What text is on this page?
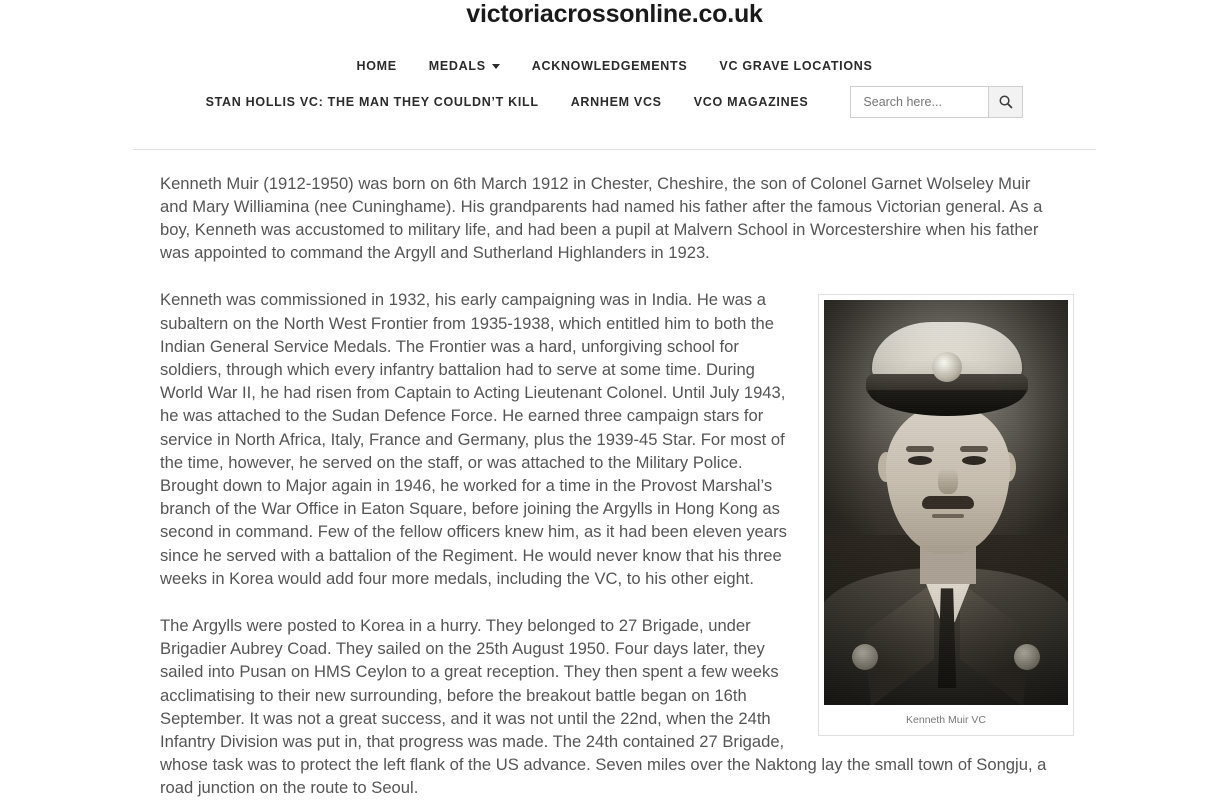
victoriacrossonline.co.uk
HOME	MEDALS	ACKNOWLEDGEMENTS	VC GRAVE LOCATIONS
STAN HOLLIS VC: THE MAN THEY COULDN’T KILL	ARNHEM VCS	VCO MAGAZINES
Search here...

Kenneth Muir (1912-1950) was born on 6th March 1912 in Chester, Cheshire, the son of Colonel Garnet Wolseley Muir and Mary Williamina (nee Cuninghame). His grandparents had named his father after the famous Victorian general. As a boy, Kenneth was accustomed to military life, and had been a pupil at Malvern School in Worcestershire when his father was appointed to command the Argyll and Sutherland Highlanders in 1923.

Kenneth Muir VC

Kenneth was commissioned in 1932, his early campaigning was in India. He was a subaltern on the North West Frontier from 1935-1938, which entitled him to both the Indian General Service Medals. The Frontier was a hard, unforgiving school for soldiers, through which every infantry battalion had to serve at some time. During World War II, he had risen from Captain to Acting Lieutenant Colonel. Until July 1943, he was attached to the Sudan Defence Force. He earned three campaign stars for service in North Africa, Italy, France and Germany, plus the 1939-45 Star. For most of the time, however, he served on the staff, or was attached to the Military Police. Brought down to Major again in 1946, he worked for a time in the Provost Marshal’s branch of the War Office in Eaton Square, before joining the Argylls in Hong Kong as second in command. Few of the fellow officers knew him, as it had been eleven years since he served with a battalion of the Regiment. He would never know that his three weeks in Korea would add four more medals, including the VC, to his other eight.

The Argylls were posted to Korea in a hurry. They belonged to 27 Brigade, under Brigadier Aubrey Coad. They sailed on the 25th August 1950. Four days later, they sailed into Pusan on HMS Ceylon to a great reception. They then spent a few weeks acclimatising to their new surrounding, before the breakout battle began on 16th September. It was not a great success, and it was not until the 22nd, when the 24th Infantry Division was put in, that progress was made. The 24th contained 27 Brigade, whose task was to protect the left flank of the US advance. Seven miles over the Naktong lay the small town of Songju, a road junction on the route to Seoul.
